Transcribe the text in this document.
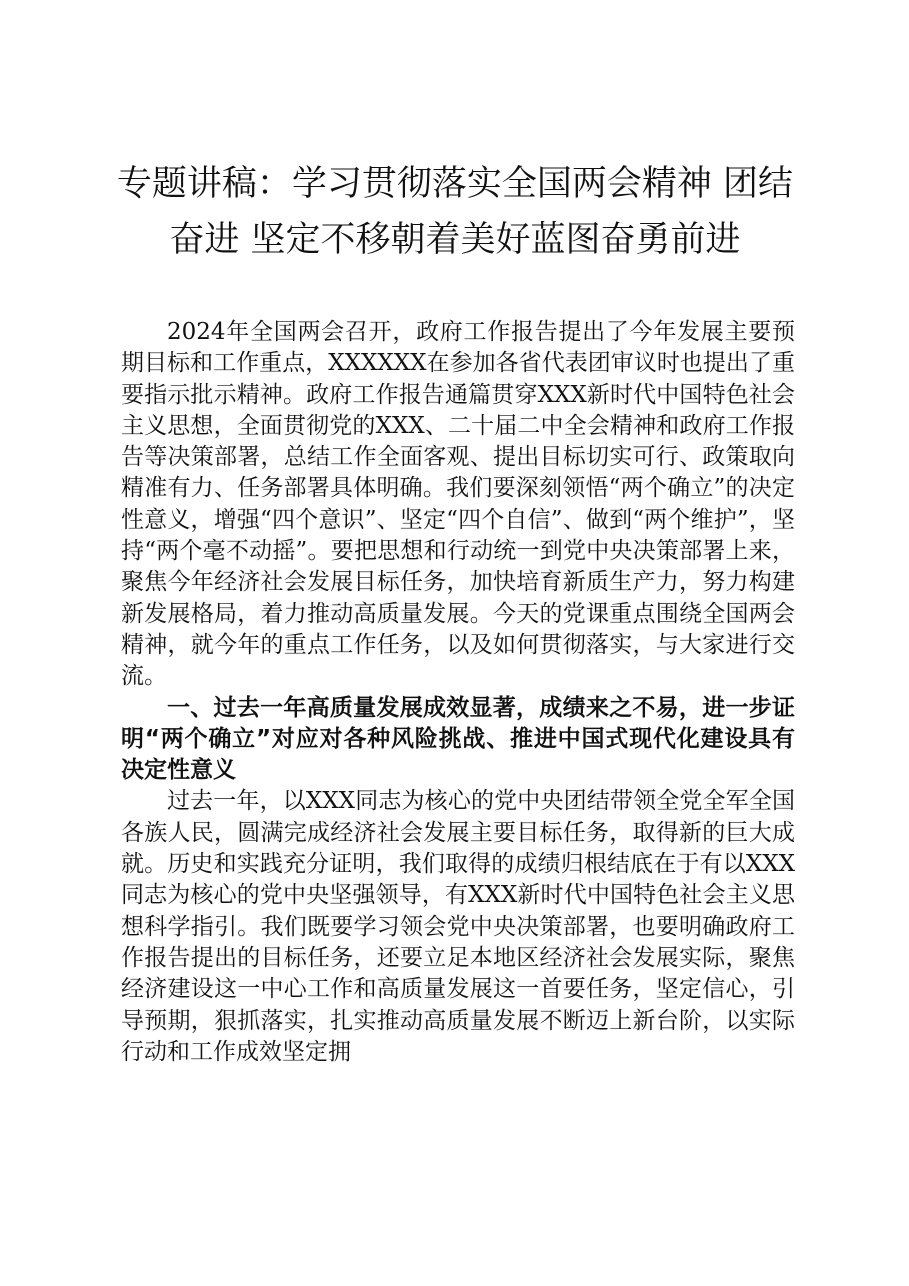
专题讲稿：学习贯彻落实全国两会精神 团结
奋进 坚定不移朝着美好蓝图奋勇前进

2024年全国两会召开，政府工作报告提出了今年发展主要预期目标和工作重点，XXXXXX在参加各省代表团审议时也提出了重要指示批示精神。政府工作报告通篇贯穿XXX新时代中国特色社会主义思想，全面贯彻党的XXX、二十届二中全会精神和政府工作报告等决策部署，总结工作全面客观、提出目标切实可行、政策取向精准有力、任务部署具体明确。我们要深刻领悟“两个确立”的决定性意义，增强“四个意识”、坚定“四个自信”、做到“两个维护”，坚持“两个毫不动摇”。要把思想和行动统一到党中央决策部署上来，聚焦今年经济社会发展目标任务，加快培育新质生产力，努力构建新发展格局，着力推动高质量发展。今天的党课重点围绕全国两会精神，就今年的重点工作任务，以及如何贯彻落实，与大家进行交流。

一、过去一年高质量发展成效显著，成绩来之不易，进一步证明“两个确立”对应对各种风险挑战、推进中国式现代化建设具有决定性意义

过去一年，以XXX同志为核心的党中央团结带领全党全军全国各族人民，圆满完成经济社会发展主要目标任务，取得新的巨大成就。历史和实践充分证明，我们取得的成绩归根结底在于有以XXX同志为核心的党中央坚强领导，有XXX新时代中国特色社会主义思想科学指引。我们既要学习领会党中央决策部署，也要明确政府工作报告提出的目标任务，还要立足本地区经济社会发展实际，聚焦经济建设这一中心工作和高质量发展这一首要任务，坚定信心，引导预期，狠抓落实，扎实推动高质量发展不断迈上新台阶，以实际行动和工作成效坚定拥
